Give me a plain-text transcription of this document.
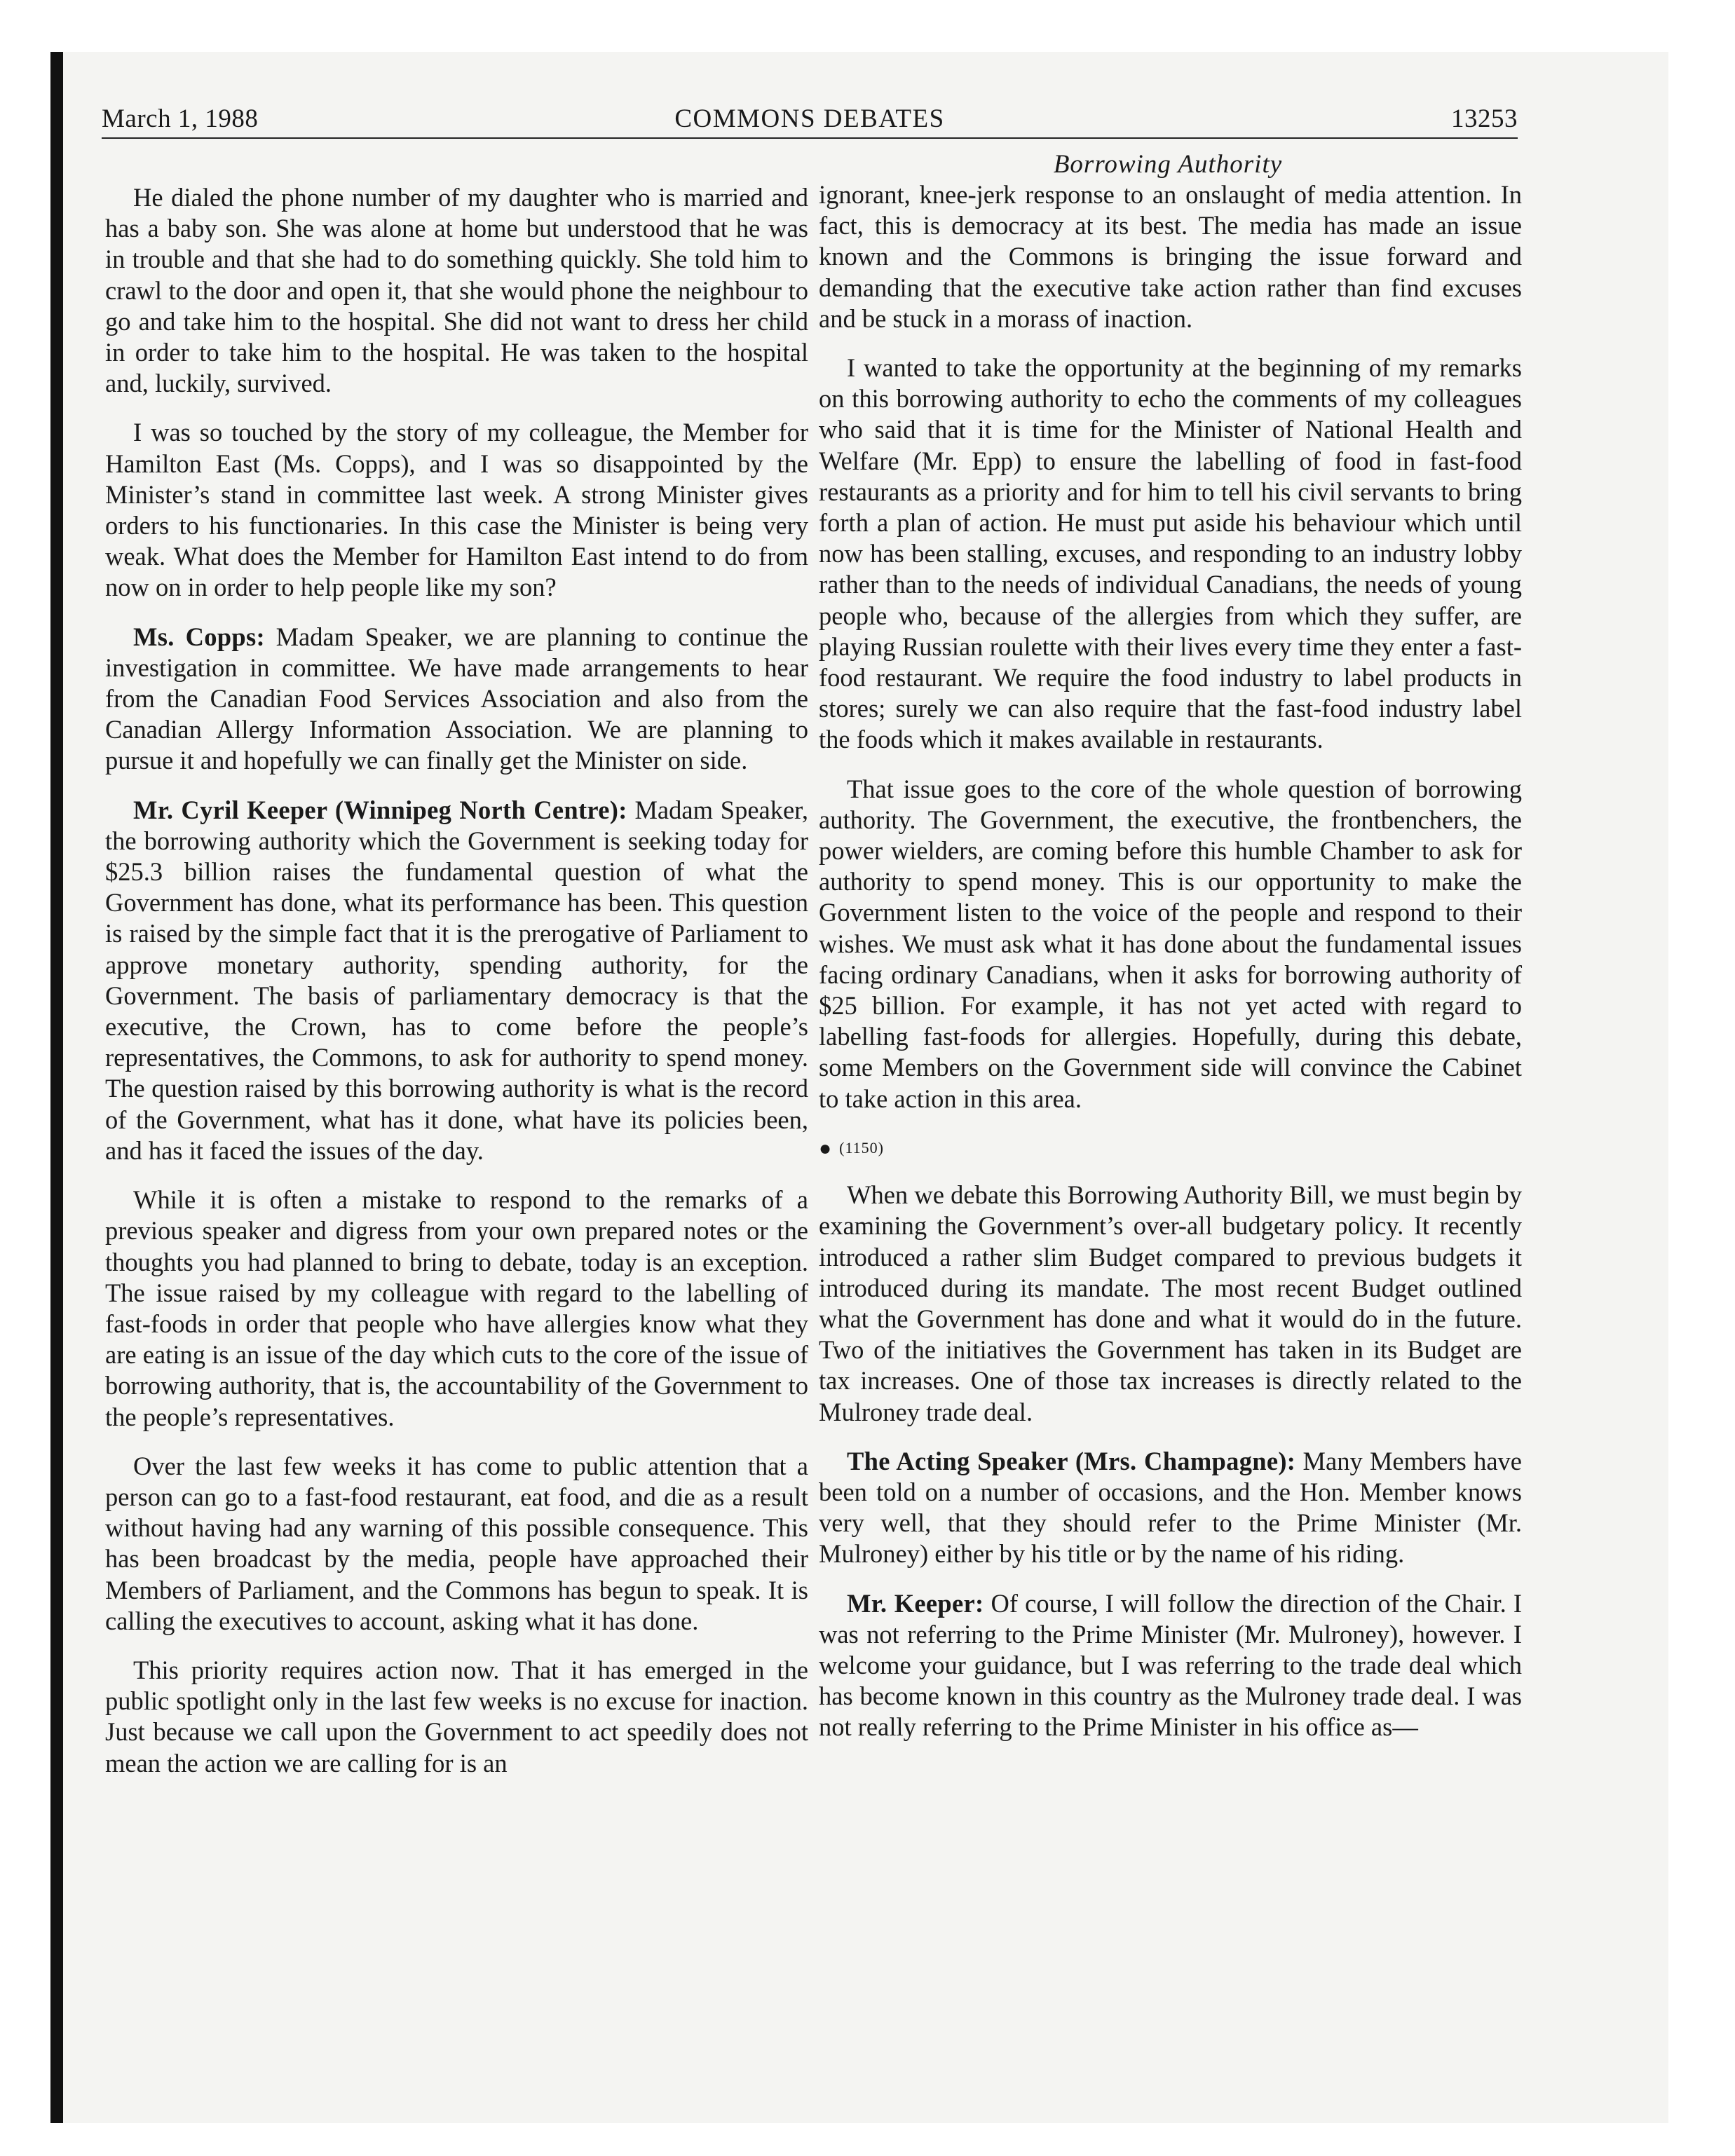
March 1, 1988	COMMONS DEBATES	13253
Borrowing Authority

He dialed the phone number of my daughter who is married and has a baby son. She was alone at home but understood that he was in trouble and that she had to do something quickly. She told him to crawl to the door and open it, that she would phone the neighbour to go and take him to the hospital. She did not want to dress her child in order to take him to the hospital. He was taken to the hospital and, luckily, survived.

I was so touched by the story of my colleague, the Member for Hamilton East (Ms. Copps), and I was so disappointed by the Minister’s stand in committee last week. A strong Minister gives orders to his functionaries. In this case the Minister is being very weak. What does the Member for Hamilton East intend to do from now on in order to help people like my son?

Ms. Copps: Madam Speaker, we are planning to continue the investigation in committee. We have made arrangements to hear from the Canadian Food Services Association and also from the Canadian Allergy Information Association. We are planning to pursue it and hopefully we can finally get the Minister on side.

Mr. Cyril Keeper (Winnipeg North Centre): Madam Speaker, the borrowing authority which the Government is seeking today for $25.3 billion raises the fundamental question of what the Government has done, what its performance has been. This question is raised by the simple fact that it is the prerogative of Parliament to approve monetary authority, spending authority, for the Government. The basis of parliamentary democracy is that the executive, the Crown, has to come before the people’s representatives, the Commons, to ask for authority to spend money. The question raised by this borrowing authority is what is the record of the Government, what has it done, what have its policies been, and has it faced the issues of the day.

While it is often a mistake to respond to the remarks of a previous speaker and digress from your own prepared notes or the thoughts you had planned to bring to debate, today is an exception. The issue raised by my colleague with regard to the labelling of fast-foods in order that people who have allergies know what they are eating is an issue of the day which cuts to the core of the issue of borrowing authority, that is, the accountability of the Government to the people’s representatives.

Over the last few weeks it has come to public attention that a person can go to a fast-food restaurant, eat food, and die as a result without having had any warning of this possible consequence. This has been broadcast by the media, people have approached their Members of Parliament, and the Commons has begun to speak. It is calling the executives to account, asking what it has done.

This priority requires action now. That it has emerged in the public spotlight only in the last few weeks is no excuse for inaction. Just because we call upon the Government to act speedily does not mean the action we are calling for is an

ignorant, knee-jerk response to an onslaught of media attention. In fact, this is democracy at its best. The media has made an issue known and the Commons is bringing the issue forward and demanding that the executive take action rather than find excuses and be stuck in a morass of inaction.

I wanted to take the opportunity at the beginning of my remarks on this borrowing authority to echo the comments of my colleagues who said that it is time for the Minister of National Health and Welfare (Mr. Epp) to ensure the labelling of food in fast-food restaurants as a priority and for him to tell his civil servants to bring forth a plan of action. He must put aside his behaviour which until now has been stalling, excuses, and responding to an industry lobby rather than to the needs of individual Canadians, the needs of young people who, because of the allergies from which they suffer, are playing Russian roulette with their lives every time they enter a fast-food restaurant. We require the food industry to label products in stores; surely we can also require that the fast-food industry label the foods which it makes available in restaurants.

That issue goes to the core of the whole question of borrowing authority. The Government, the executive, the frontbenchers, the power wielders, are coming before this humble Chamber to ask for authority to spend money. This is our opportunity to make the Government listen to the voice of the people and respond to their wishes. We must ask what it has done about the fundamental issues facing ordinary Canadians, when it asks for borrowing authority of $25 billion. For example, it has not yet acted with regard to labelling fast-foods for allergies. Hopefully, during this debate, some Members on the Government side will convince the Cabinet to take action in this area.

● (1150)

When we debate this Borrowing Authority Bill, we must begin by examining the Government’s over-all budgetary policy. It recently introduced a rather slim Budget compared to previous budgets it introduced during its mandate. The most recent Budget outlined what the Government has done and what it would do in the future. Two of the initiatives the Government has taken in its Budget are tax increases. One of those tax increases is directly related to the Mulroney trade deal.

The Acting Speaker (Mrs. Champagne): Many Members have been told on a number of occasions, and the Hon. Member knows very well, that they should refer to the Prime Minister (Mr. Mulroney) either by his title or by the name of his riding.

Mr. Keeper: Of course, I will follow the direction of the Chair. I was not referring to the Prime Minister (Mr. Mulroney), however. I welcome your guidance, but I was referring to the trade deal which has become known in this country as the Mulroney trade deal. I was not really referring to the Prime Minister in his office as—
